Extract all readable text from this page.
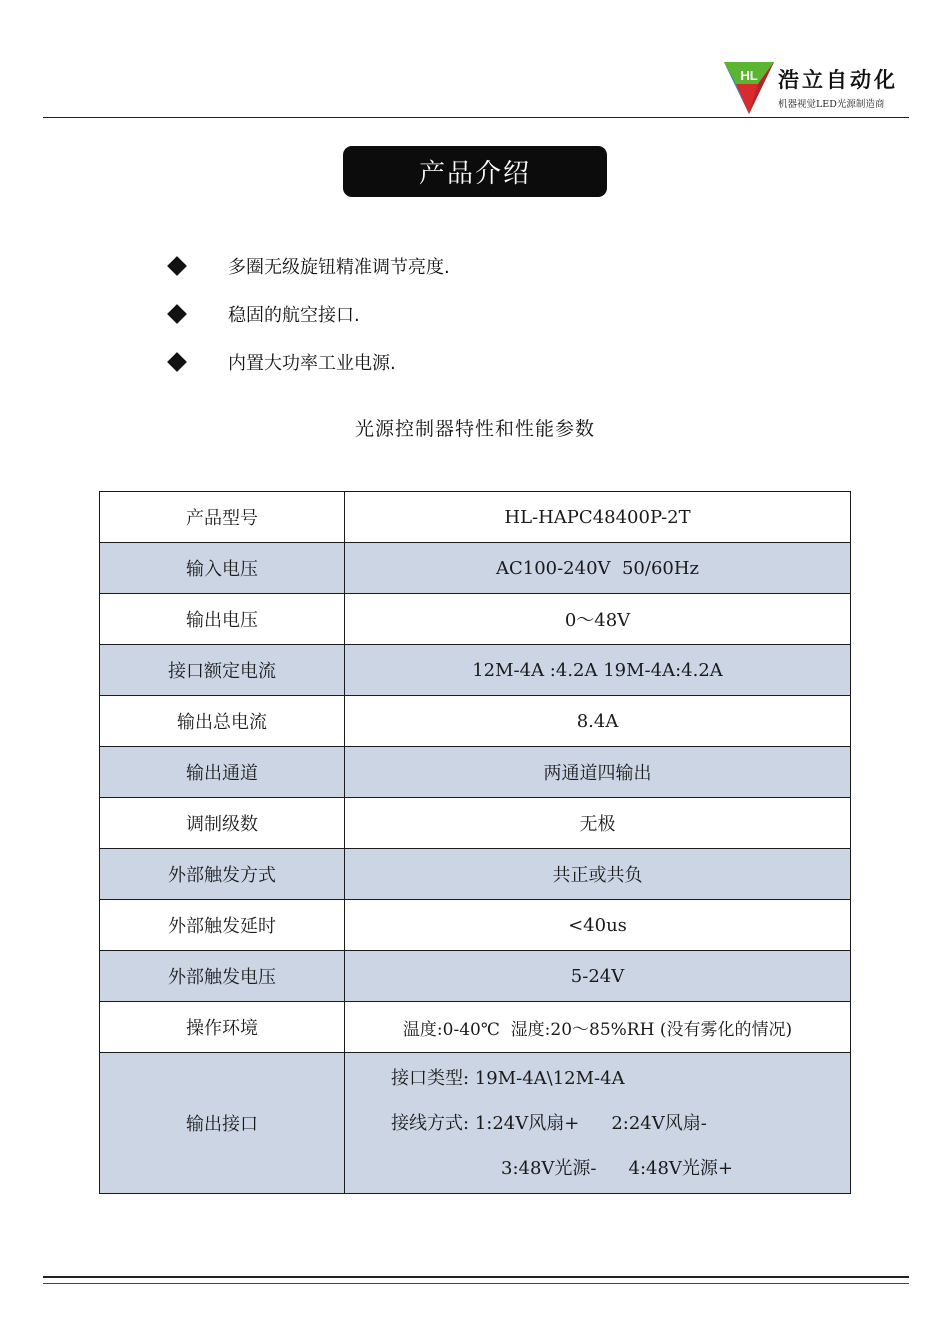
HL 浩立自动化
机器视觉LED光源制造商
产品介绍
多圈无级旋钮精准调节亮度.
稳固的航空接口.
内置大功率工业电源.
光源控制器特性和性能参数
产品型号	HL-HAPC48400P-2T
输入电压	AC100-240V  50/60Hz
输出电压	0～48V
接口额定电流	12M-4A :4.2A 19M-4A:4.2A
输出总电流	8.4A
输出通道	两通道四输出
调制级数	无极
外部触发方式	共正或共负
外部触发延时	<40us
外部触发电压	5-24V
操作环境	温度:0-40℃  湿度:20～85%RH (没有雾化的情况)
输出接口	接口类型: 19M-4A\12M-4A
接线方式: 1:24V风扇+ 2:24V风扇-
3:48V光源- 4:48V光源+
